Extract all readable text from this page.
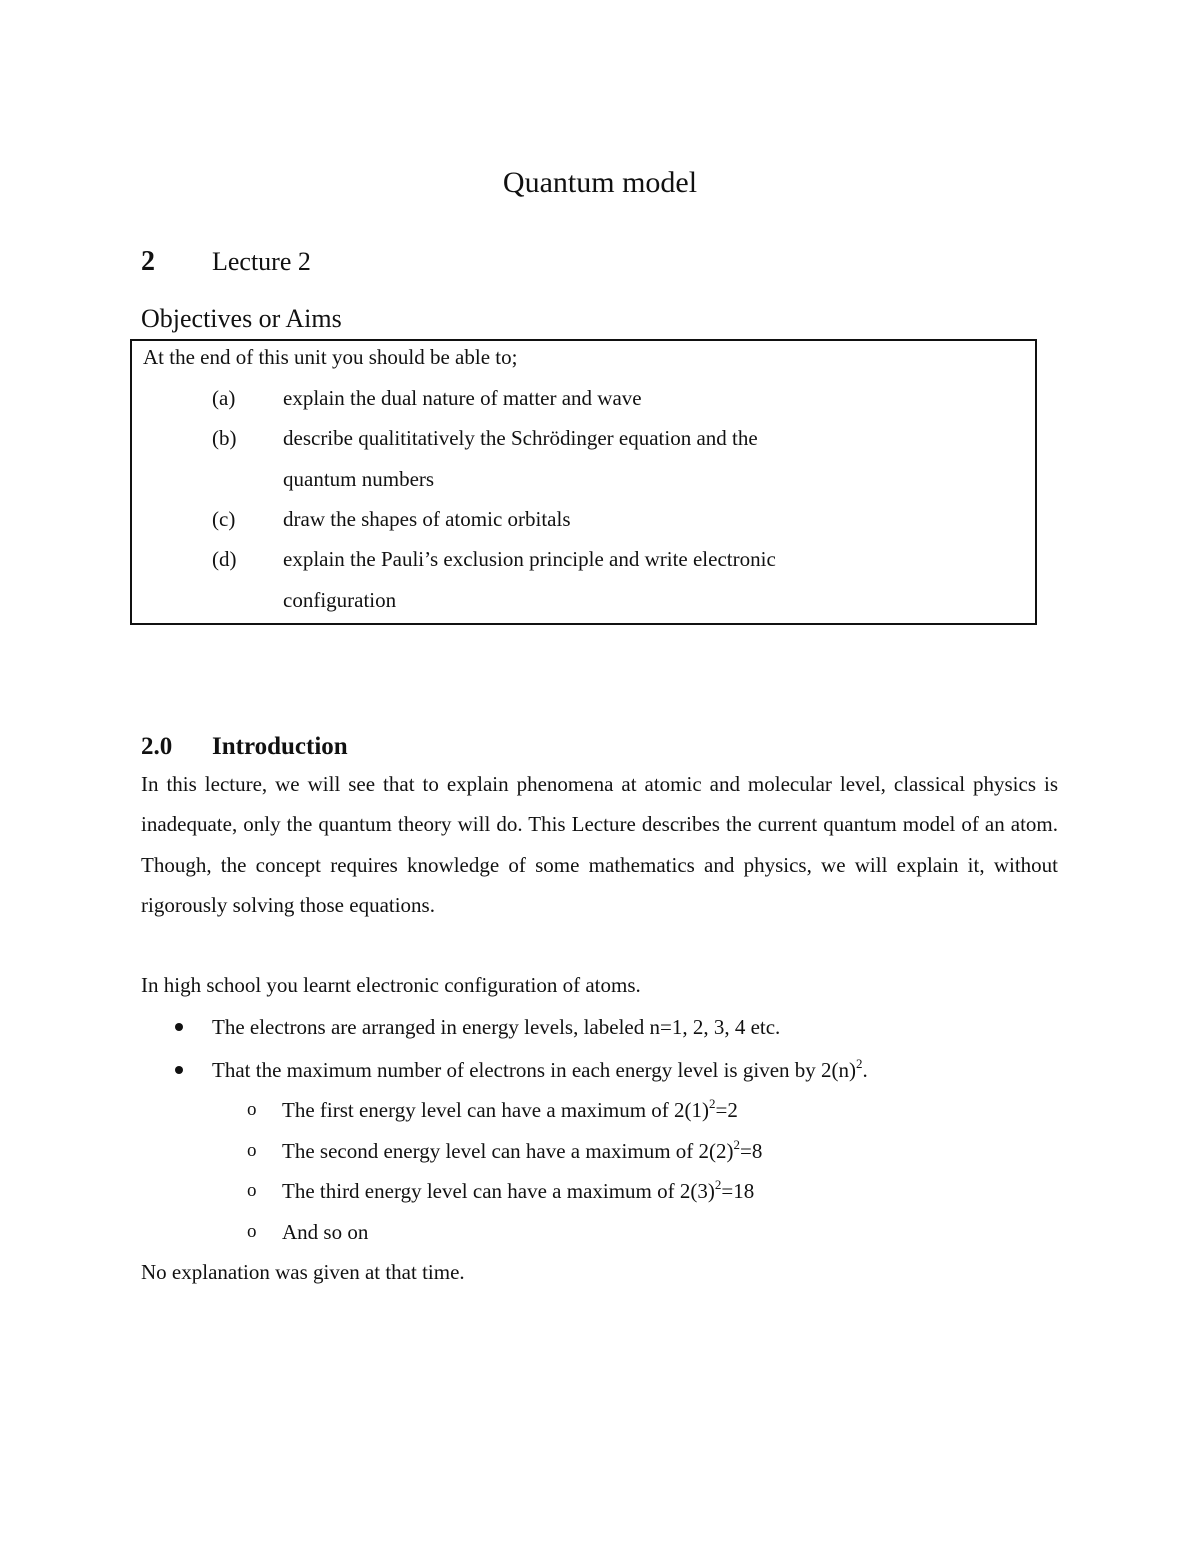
Quantum model
2 Lecture 2
Objectives or Aims
At the end of this unit you should be able to;
(a) explain the dual nature of matter and wave
(b) describe qualititatively the Schrödinger equation and the
quantum numbers
(c) draw the shapes of atomic orbitals
(d) explain the Pauli’s exclusion principle and write electronic
configuration
2.0 Introduction
In this lecture, we will see that to explain phenomena at atomic and molecular level, classical physics is inadequate, only the quantum theory will do. This Lecture describes the current quantum model of an atom. Though, the concept requires knowledge of some mathematics and physics, we will explain it, without rigorously solving those equations.
In high school you learnt electronic configuration of atoms.
The electrons are arranged in energy levels, labeled n=1, 2, 3, 4 etc.
That the maximum number of electrons in each energy level is given by $2(n)^2$.
o The first energy level can have a maximum of $2(1)^2=2$
o The second energy level can have a maximum of $2(2)^2=8$
o The third energy level can have a maximum of $2(3)^2=18$
o And so on
No explanation was given at that time.
